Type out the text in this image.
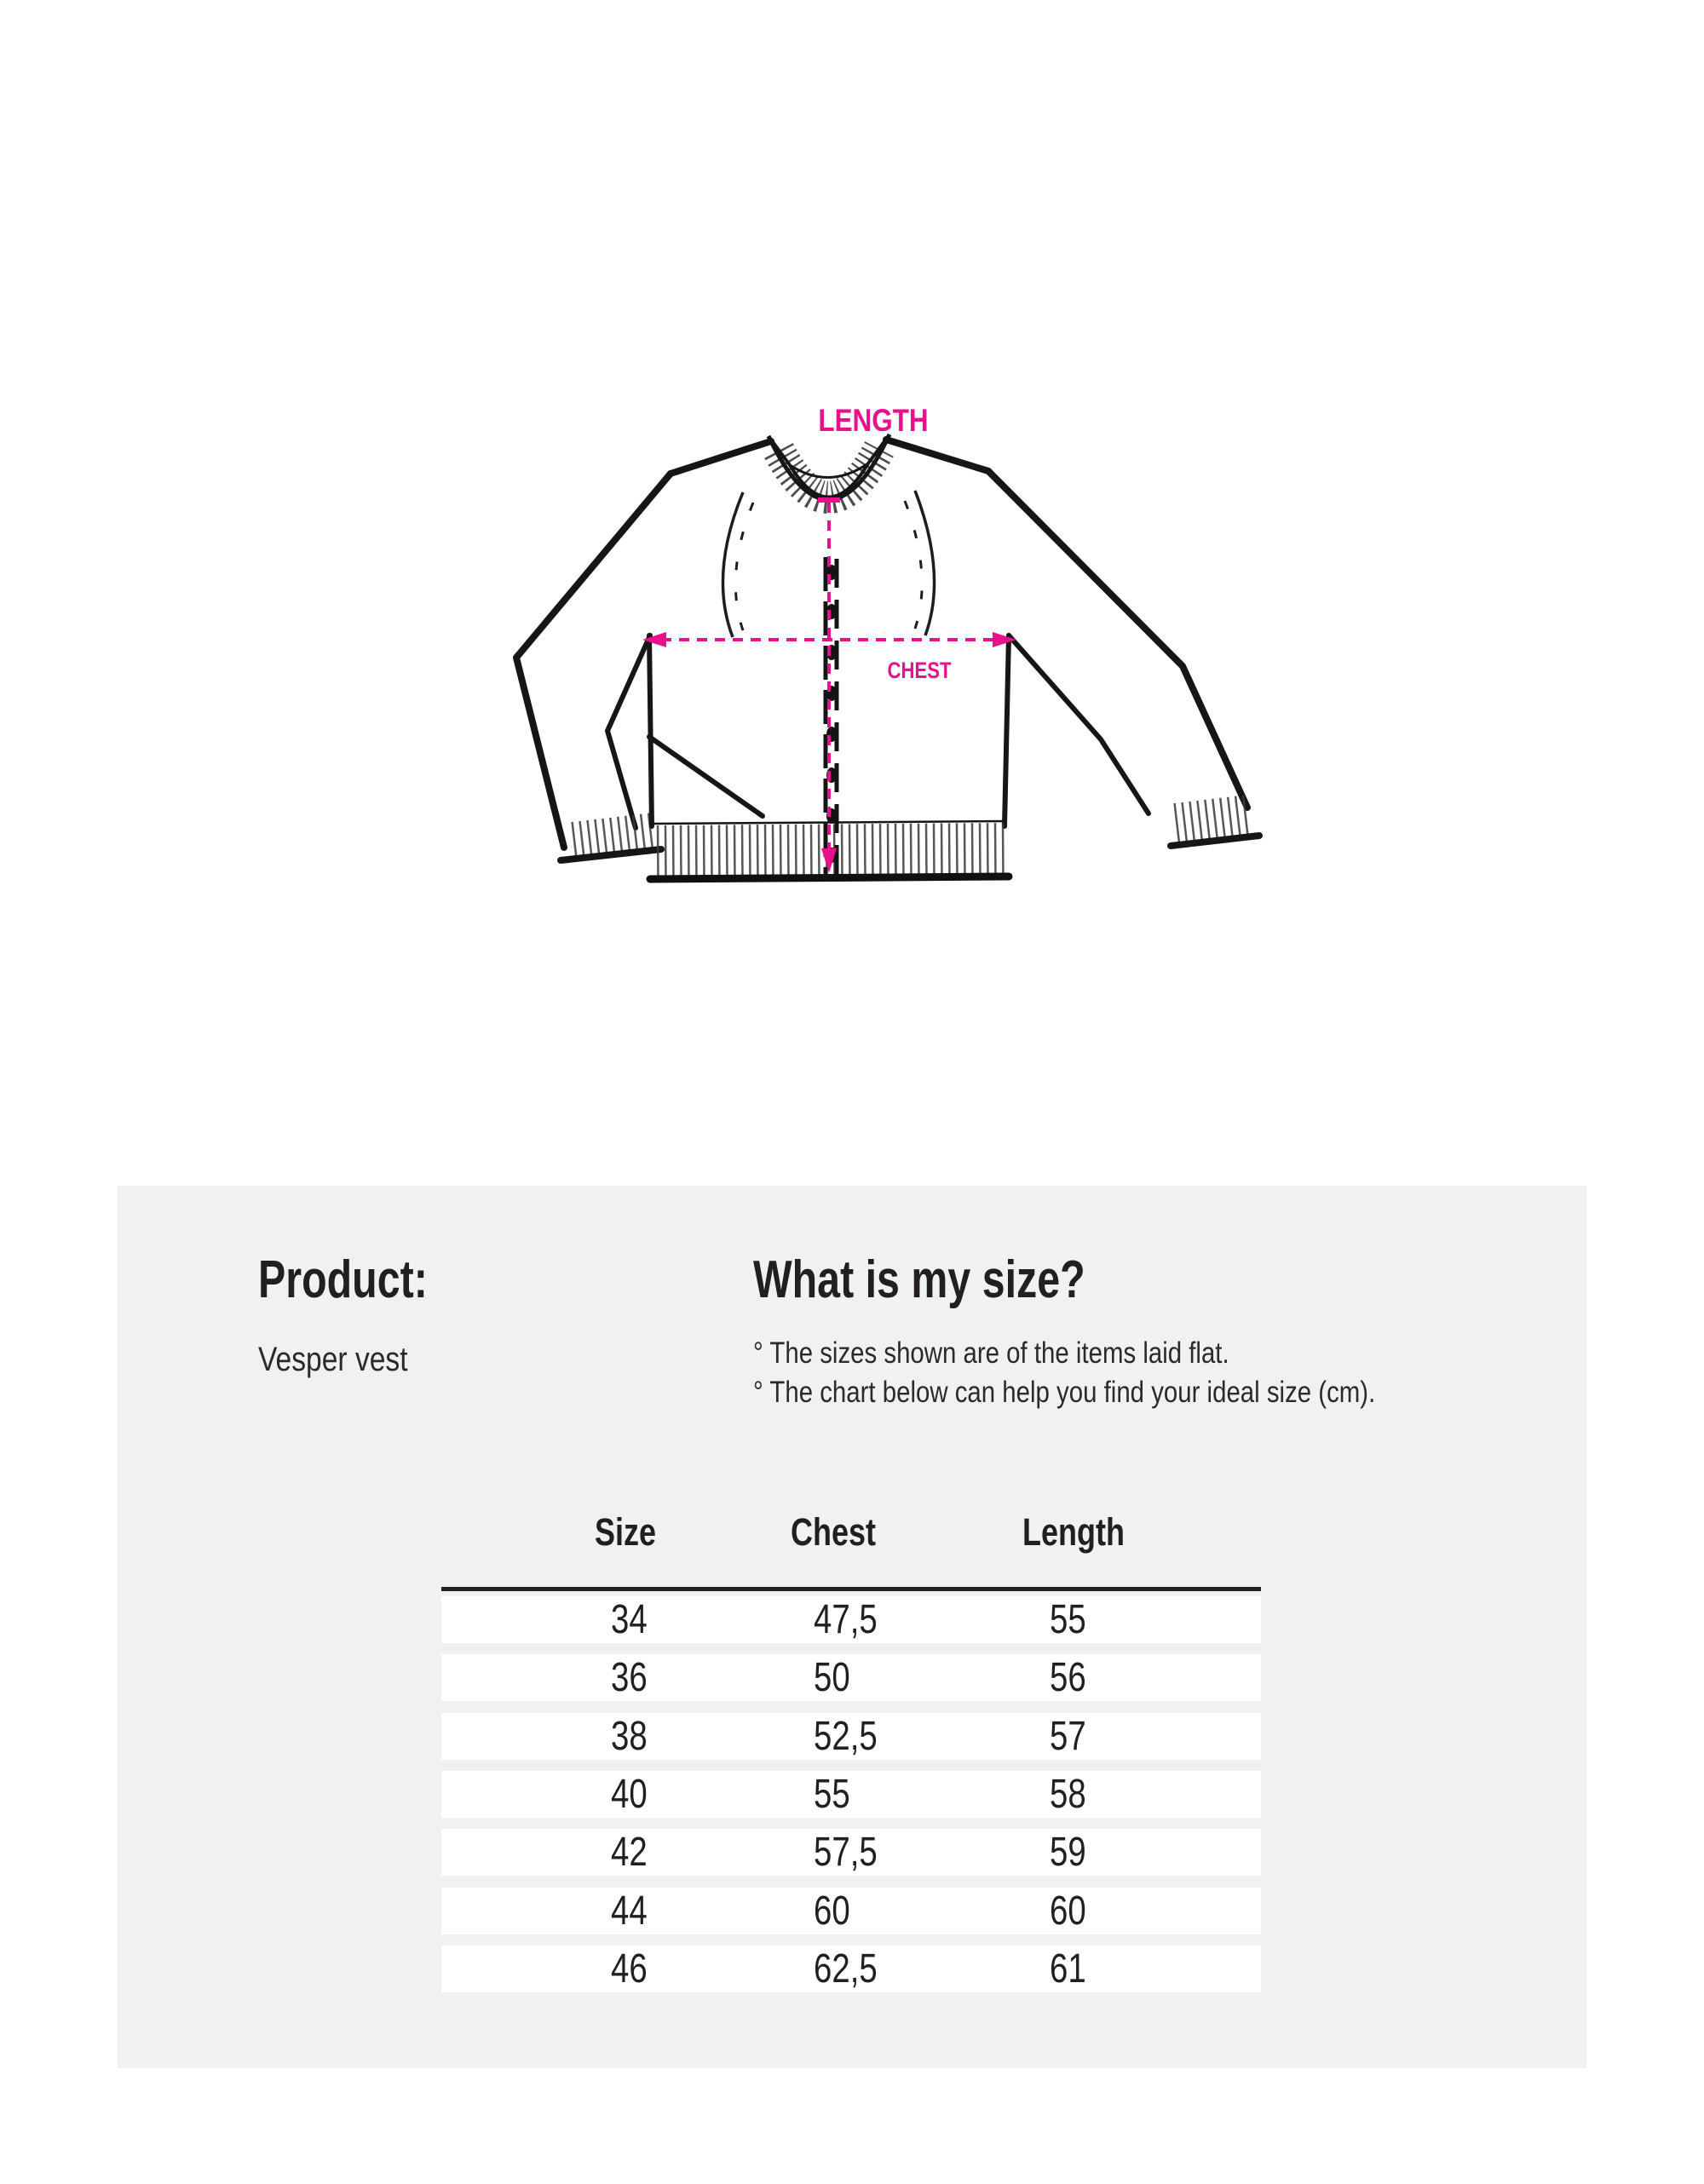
LENGTH
CHEST
Product:
Vesper vest
What is my size?
° The sizes shown are of the items laid flat.
° The chart below can help you find your ideal size (cm).
Size	Chest	Length
34	47,5	55
36	50	56
38	52,5	57
40	55	58
42	57,5	59
44	60	60
46	62,5	61
